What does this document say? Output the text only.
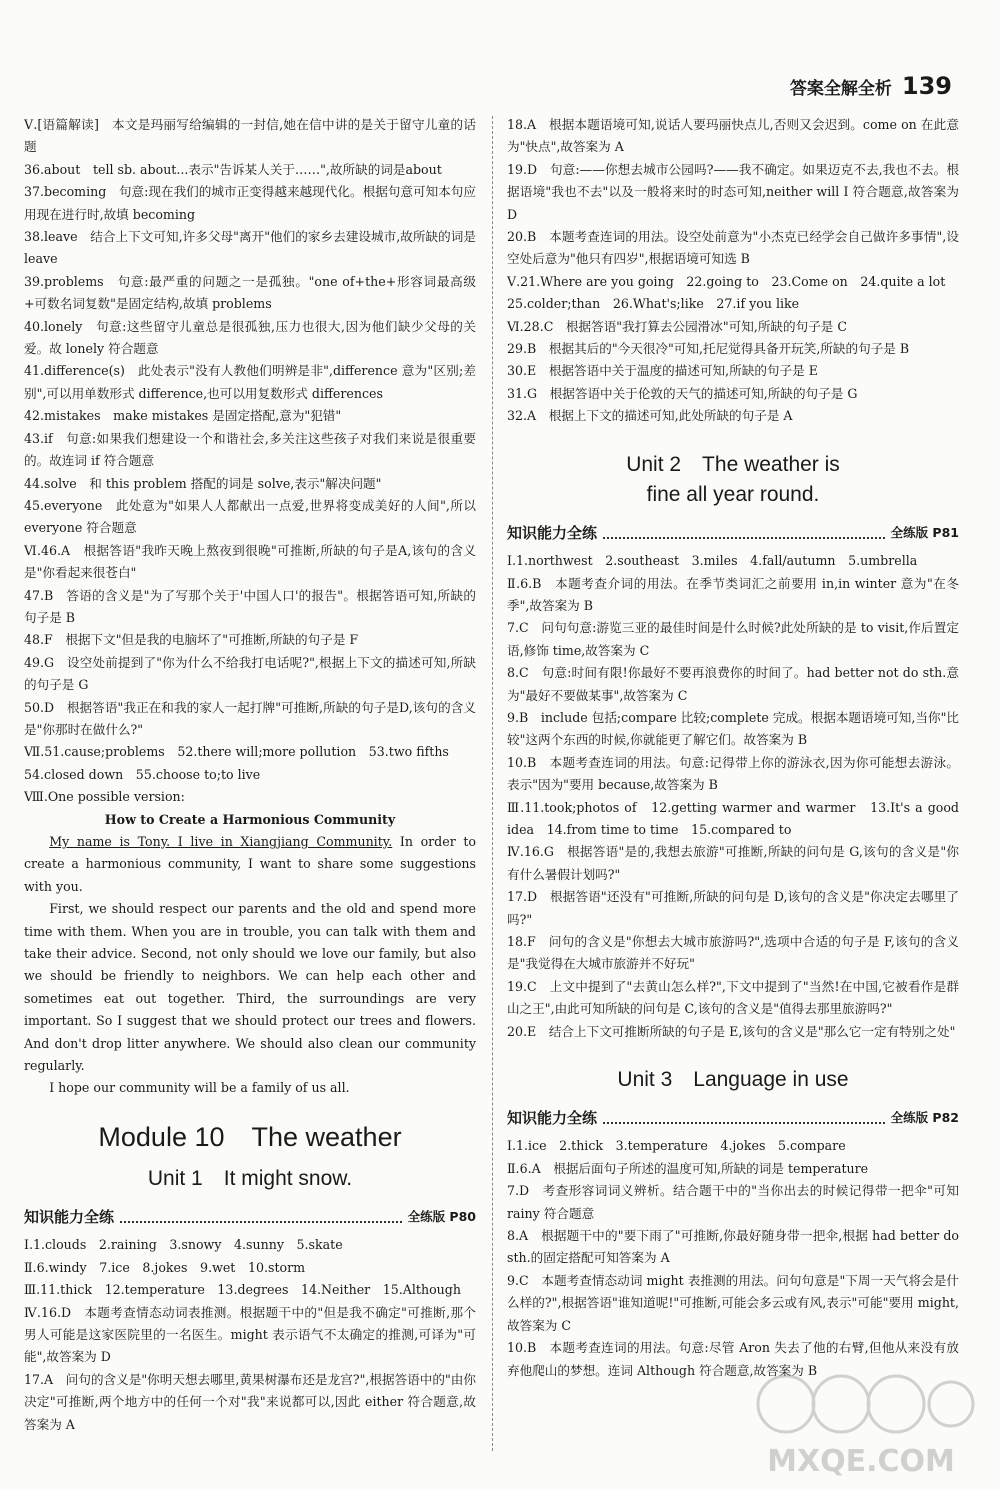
答案全解全析 139

Ⅴ.[语篇解读]　本文是玛丽写给编辑的一封信,她在信中讲的是关于留守儿童的话题

36.about　tell sb. about...表示"告诉某人关于……",故所缺的词是about

37.becoming　句意:现在我们的城市正变得越来越现代化。根据句意可知本句应用现在进行时,故填 becoming

38.leave　结合上下文可知,许多父母"离开"他们的家乡去建设城市,故所缺的词是 leave

39.problems　句意:最严重的问题之一是孤独。"one of+the+形容词最高级+可数名词复数"是固定结构,故填 problems

40.lonely　句意:这些留守儿童总是很孤独,压力也很大,因为他们缺少父母的关爱。故 lonely 符合题意

41.difference(s)　此处表示"没有人教他们明辨是非",difference 意为"区别;差别",可以用单数形式 difference,也可以用复数形式 differences

42.mistakes　make mistakes 是固定搭配,意为"犯错"

43.if　句意:如果我们想建设一个和谐社会,多关注这些孩子对我们来说是很重要的。故连词 if 符合题意

44.solve　和 this problem 搭配的词是 solve,表示"解决问题"

45.everyone　此处意为"如果人人都献出一点爱,世界将变成美好的人间",所以 everyone 符合题意

Ⅵ.46.A　根据答语"我昨天晚上熬夜到很晚"可推断,所缺的句子是A,该句的含义是"你看起来很苍白"

47.B　答语的含义是"为了写那个关于'中国人口'的报告"。根据答语可知,所缺的句子是 B

48.F　根据下文"但是我的电脑坏了"可推断,所缺的句子是 F

49.G　设空处前提到了"你为什么不给我打电话呢?",根据上下文的描述可知,所缺的句子是 G

50.D　根据答语"我正在和我的家人一起打牌"可推断,所缺的句子是D,该句的含义是"你那时在做什么?"

Ⅶ.51.cause;problems　52.there will;more pollution　53.two fifths

54.closed down　55.choose to;to live

Ⅷ.One possible version:

How to Create a Harmonious Community

My name is Tony. I live in Xiangjiang Community. In order to create a harmonious community, I want to share some suggestions with you.

First, we should respect our parents and the old and spend more time with them. When you are in trouble, you can talk with them and take their advice. Second, not only should we love our family, but also we should be friendly to neighbors. We can help each other and sometimes eat out together. Third, the surroundings are very important. So I suggest that we should protect our trees and flowers. And don't drop litter anywhere. We should also clean our community regularly.

I hope our community will be a family of us all.

Module 10　The weather
Unit 1　It might snow.
知识能力全练	全练版 P80

Ⅰ.1.clouds　2.raining　3.snowy　4.sunny　5.skate

Ⅱ.6.windy　7.ice　8.jokes　9.wet　10.storm

Ⅲ.11.thick　12.temperature　13.degrees　14.Neither　15.Although

Ⅳ.16.D　本题考查情态动词表推测。根据题干中的"但是我不确定"可推断,那个男人可能是这家医院里的一名医生。might 表示语气不太确定的推测,可译为"可能",故答案为 D

17.A　问句的含义是"你明天想去哪里,黄果树瀑布还是龙宫?",根据答语中的"由你决定"可推断,两个地方中的任何一个对"我"来说都可以,因此 either 符合题意,故答案为 A

18.A　根据本题语境可知,说话人要玛丽快点儿,否则又会迟到。come on 在此意为"快点",故答案为 A

19.D　句意:——你想去城市公园吗?——我不确定。如果迈克不去,我也不去。根据语境"我也不去"以及一般将来时的时态可知,neither will I 符合题意,故答案为 D

20.B　本题考查连词的用法。设空处前意为"小杰克已经学会自己做许多事情",设空处后意为"他只有四岁",根据语境可知选 B

Ⅴ.21.Where are you going　22.going to　23.Come on　24.quite a lot

25.colder;than　26.What's;like　27.if you like

Ⅵ.28.C　根据答语"我打算去公园滑冰"可知,所缺的句子是 C

29.B　根据其后的"今天很冷"可知,托尼觉得具备开玩笑,所缺的句子是 B

30.E　根据答语中关于温度的描述可知,所缺的句子是 E

31.G　根据答语中关于伦敦的天气的描述可知,所缺的句子是 G

32.A　根据上下文的描述可知,此处所缺的句子是 A

Unit 2　The weather is
fine all year round.
知识能力全练	全练版 P81

Ⅰ.1.northwest　2.southeast　3.miles　4.fall/autumn　5.umbrella

Ⅱ.6.B　本题考查介词的用法。在季节类词汇之前要用 in,in winter 意为"在冬季",故答案为 B

7.C　问句句意:游览三亚的最佳时间是什么时候?此处所缺的是 to visit,作后置定语,修饰 time,故答案为 C

8.C　句意:时间有限!你最好不要再浪费你的时间了。had better not do sth.意为"最好不要做某事",故答案为 C

9.B　include 包括;compare 比较;complete 完成。根据本题语境可知,当你"比较"这两个东西的时候,你就能更了解它们。故答案为 B

10.B　本题考查连词的用法。句意:记得带上你的游泳衣,因为你可能想去游泳。表示"因为"要用 because,故答案为 B

Ⅲ.11.took;photos of　12.getting warmer and warmer　13.It's a good idea　14.from time to time　15.compared to

Ⅳ.16.G　根据答语"是的,我想去旅游"可推断,所缺的问句是 G,该句的含义是"你有什么暑假计划吗?"

17.D　根据答语"还没有"可推断,所缺的问句是 D,该句的含义是"你决定去哪里了吗?"

18.F　问句的含义是"你想去大城市旅游吗?",选项中合适的句子是 F,该句的含义是"我觉得在大城市旅游并不好玩"

19.C　上文中提到了"去黄山怎么样?",下文中提到了"当然!在中国,它被看作是群山之王",由此可知所缺的问句是 C,该句的含义是"值得去那里旅游吗?"

20.E　结合上下文可推断所缺的句子是 E,该句的含义是"那么它一定有特别之处"

Unit 3　Language in use
知识能力全练	全练版 P82

Ⅰ.1.ice　2.thick　3.temperature　4.jokes　5.compare

Ⅱ.6.A　根据后面句子所述的温度可知,所缺的词是 temperature

7.D　考查形容词词义辨析。结合题干中的"当你出去的时候记得带一把伞"可知 rainy 符合题意

8.A　根据题干中的"要下雨了"可推断,你最好随身带一把伞,根据 had better do sth.的固定搭配可知答案为 A

9.C　本题考查情态动词 might 表推测的用法。问句句意是"下周一天气将会是什么样的?",根据答语"谁知道呢!"可推断,可能会多云或有风,表示"可能"要用 might,故答案为 C

10.B　本题考查连词的用法。句意:尽管 Aron 失去了他的右臂,但他从来没有放弃他爬山的梦想。连词 Although 符合题意,故答案为 B

MXQE.COM
